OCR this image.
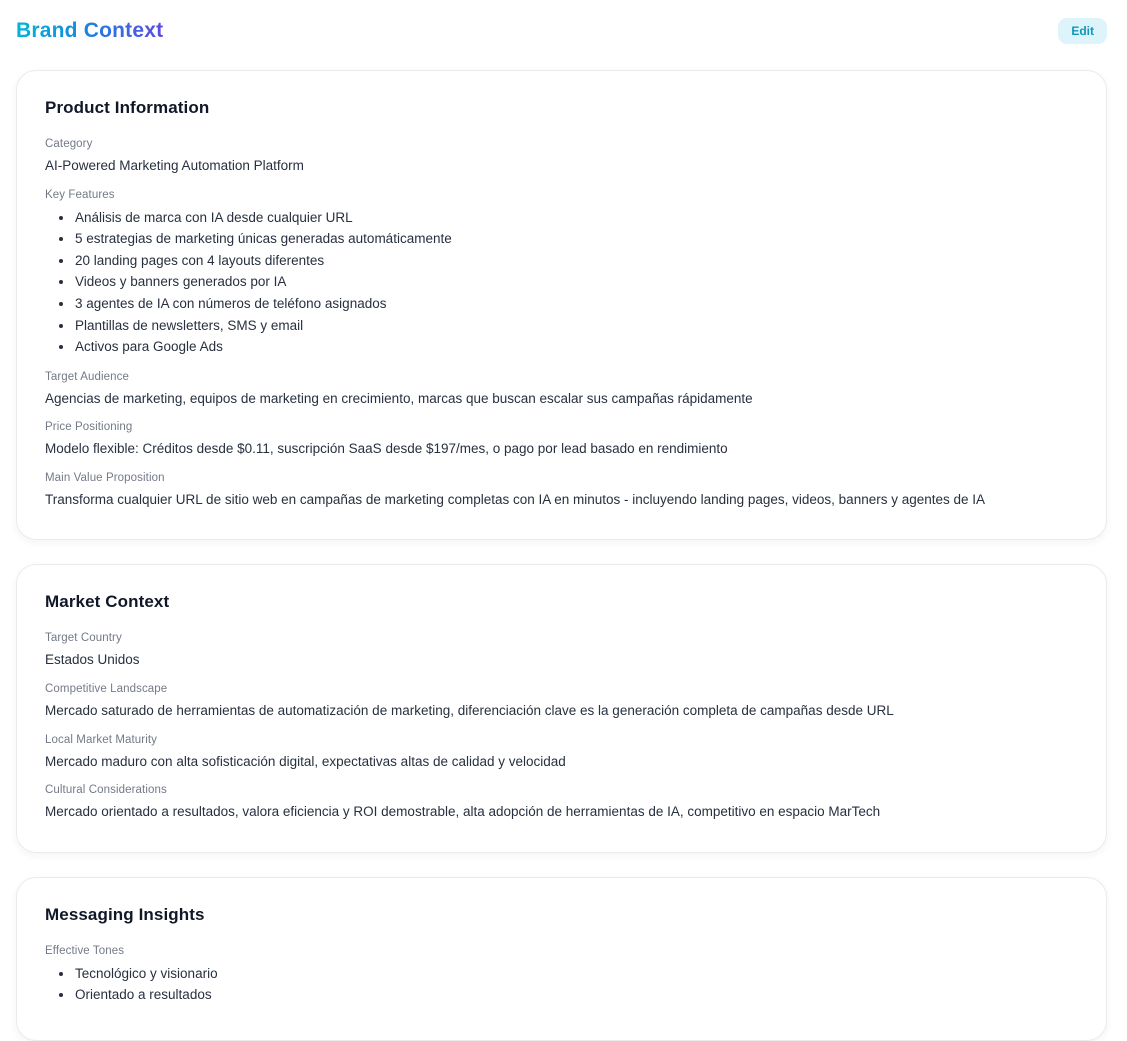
Brand Context	Edit
Product Information
Category

AI-Powered Marketing Automation Platform

Key Features
Análisis de marca con IA desde cualquier URL
5 estrategias de marketing únicas generadas automáticamente
20 landing pages con 4 layouts diferentes
Videos y banners generados por IA
3 agentes de IA con números de teléfono asignados
Plantillas de newsletters, SMS y email
Activos para Google Ads
Target Audience

Agencias de marketing, equipos de marketing en crecimiento, marcas que buscan escalar sus campañas rápidamente

Price Positioning

Modelo flexible: Créditos desde $0.11, suscripción SaaS desde $197/mes, o pago por lead basado en rendimiento

Main Value Proposition

Transforma cualquier URL de sitio web en campañas de marketing completas con IA en minutos - incluyendo landing pages, videos, banners y agentes de IA

Market Context
Target Country

Estados Unidos

Competitive Landscape

Mercado saturado de herramientas de automatización de marketing, diferenciación clave es la generación completa de campañas desde URL

Local Market Maturity

Mercado maduro con alta sofisticación digital, expectativas altas de calidad y velocidad

Cultural Considerations

Mercado orientado a resultados, valora eficiencia y ROI demostrable, alta adopción de herramientas de IA, competitivo en espacio MarTech

Messaging Insights
Effective Tones
Tecnológico y visionario
Orientado a resultados
